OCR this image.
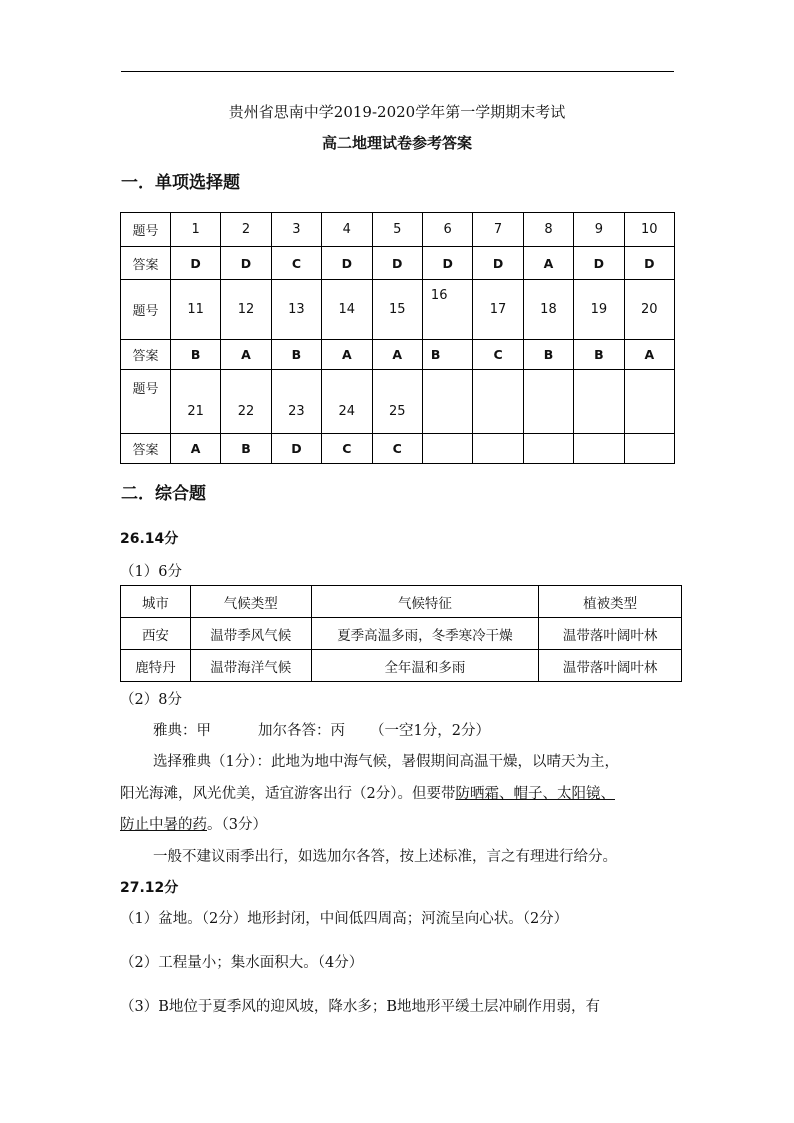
贵州省思南中学2019-2020学年第一学期期末考试
高二地理试卷参考答案
一．单项选择题
题号	1	2	3	4	5	6	7	8	9	10
答案	D	D	C	D	D	D	D	A	D	D
题号	11	12	13	14	15	16	17	18	19	20
答案	B	A	B	A	A	B	C	B	B	A
题号	21	22	23	24	25					
答案	A	B	D	C	C					
二．综合题
26.14分
（1）6分
城市	气候类型	气候特征	植被类型
西安	温带季风气候	夏季高温多雨，冬季寒冷干燥	温带落叶阔叶林
鹿特丹	温带海洋气候	全年温和多雨	温带落叶阔叶林
（2）8分
雅典：甲	加尔各答：丙 （一空1分，2分）
选择雅典（1分）：此地为地中海气候，暑假期间高温干燥，以晴天为主，
阳光海滩，风光优美，适宜游客出行（2分）。但要带防晒霜、帽子、太阳镜、
防止中暑的药。（3分）
一般不建议雨季出行，如选加尔各答，按上述标准，言之有理进行给分。
27.12分
（1）盆地。（2分）地形封闭，中间低四周高；河流呈向心状。（2分）
（2）工程量小；集水面积大。（4分）
（3）B地位于夏季风的迎风坡，降水多；B地地形平缓土层冲刷作用弱，有
